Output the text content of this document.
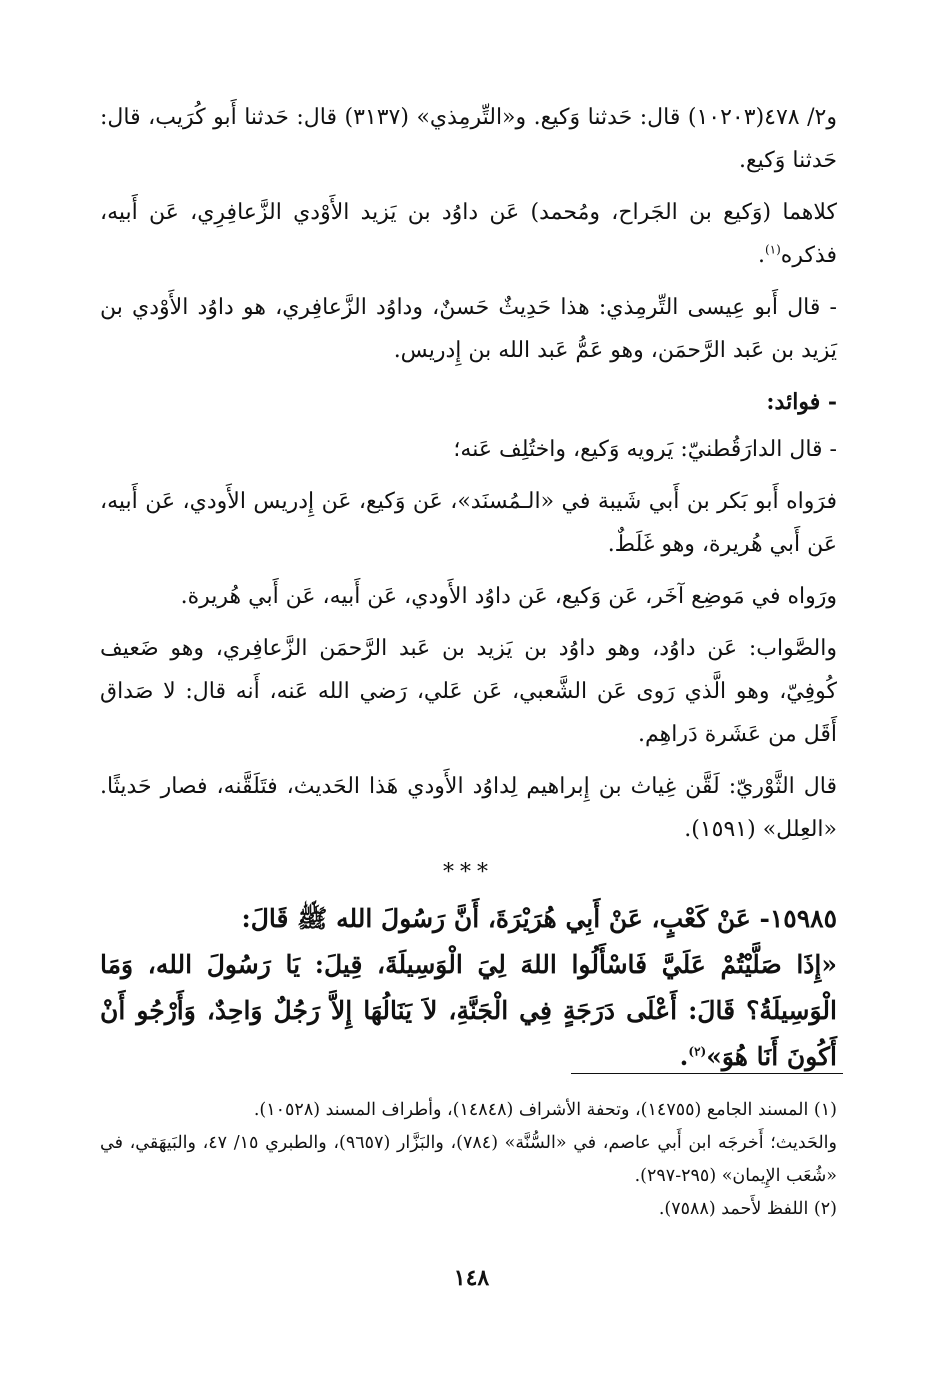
و٢/ ٤٧٨(١٠٢٠٣) قال: حَدثنا وَكيع. و«التِّرمِذي» (٣١٣٧) قال: حَدثنا أَبو كُرَيب، قال: حَدثنا وَكيع.

كلاهما (وَكيع بن الجَراح، ومُحمد) عَن داوُد بن يَزيد الأَوْدي الزَّعافِرِي، عَن أَبيه، فذكره$^{(١)}$.

- قال أَبو عِيسى التِّرمِذي: هذا حَدِيثٌ حَسنٌ، وداوُد الزَّعافِري، هو داوُد الأَوْدي بن يَزيد بن عَبد الرَّحمَن، وهو عَمُّ عَبد الله بن إِدريس.

- فوائد:

- قال الدارَقُطنيّ: يَرويه وَكيع، واختُلِف عَنه؛

فرَواه أَبو بَكر بن أَبي شَيبة في «الـمُسنَد»، عَن وَكيع، عَن إِدريس الأَودي، عَن أَبيه، عَن أَبي هُريرة، وهو غَلَطٌ.

ورَواه في مَوضِع آخَر، عَن وَكيع، عَن داوُد الأَودي، عَن أَبيه، عَن أَبي هُريرة.

والصَّواب: عَن داوُد، وهو داوُد بن يَزيد بن عَبد الرَّحمَن الزَّعافِري، وهو ضَعيف كُوفِيّ، وهو الَّذي رَوى عَن الشَّعبي، عَن عَلي، رَضي الله عَنه، أَنه قال: لا صَداق أَقَل من عَشَرة دَراهِم.

قال الثَّوْريّ: لَقَّن غِياث بن إِبراهيم لِداوُد الأَودي هَذا الحَديث، فتَلَقَّنه، فصار حَديثًا. «العِلل» (١٥٩١).

***

١٥٩٨٥- عَنْ كَعْبٍ، عَنْ أَبِي هُرَيْرَةَ، أَنَّ رَسُولَ الله ﷺ قَالَ:

«إِذَا صَلَّيْتُمْ عَلَيَّ فَاسْأَلُوا اللهَ لِيَ الْوَسِيلَةَ، قِيلَ: يَا رَسُولَ الله، وَمَا الْوَسِيلَةُ؟ قَالَ: أَعْلَى دَرَجَةٍ فِي الْجَنَّةِ، لاَ يَنَالُهَا إِلاَّ رَجُلٌ وَاحِدٌ، وَأَرْجُو أَنْ أَكُونَ أَنَا هُوَ»$^{(٢)}$.

(١) المسند الجامع (١٤٧٥٥)، وتحفة الأشراف (١٤٨٤٨)، وأطراف المسند (١٠٥٢٨).

والحَديث؛ أَخرجَه ابن أَبي عاصم، في «السُّنَّة» (٧٨٤)، والبَزَّار (٩٦٥٧)، والطبري ١٥/ ٤٧، والبَيهَقي، في «شُعَب الإِيمان» (٢٩٥-٢٩٧).

(٢) اللفظ لأَحمد (٧٥٨٨).

١٤٨
